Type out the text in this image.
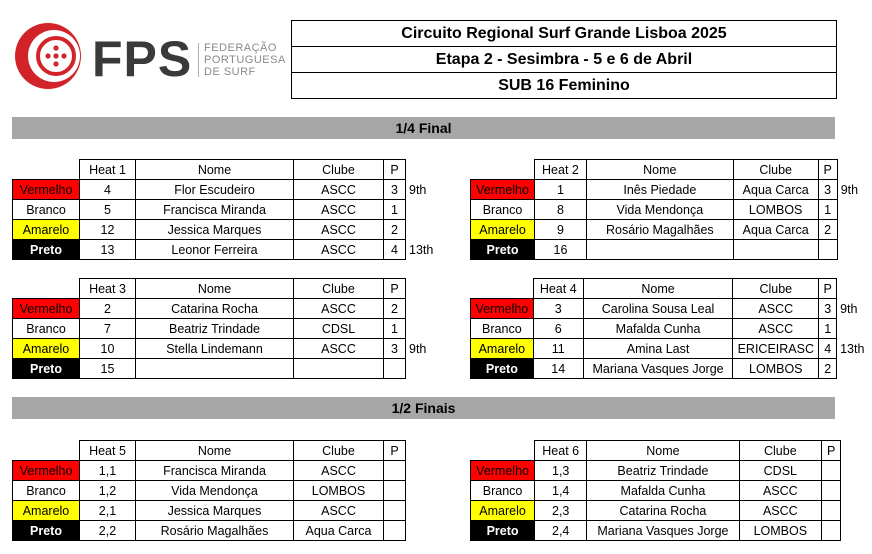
FPS FEDERAÇÃO
PORTUGUESA
DE SURF
Circuito Regional Surf Grande Lisboa 2025
Etapa 2 - Sesimbra - 5 e 6 de Abril
SUB 16 Feminino
1/4 Final
1/2 Finais
	Heat 1	Nome	Clube	P	
Vermelho	4	Flor Escudeiro	ASCC	3	9th
Branco	5	Francisca Miranda	ASCC	1	
Amarelo	12	Jessica Marques	ASCC	2	
Preto	13	Leonor Ferreira	ASCC	4	13th
	Heat 2	Nome	Clube	P	
Vermelho	1	Inês Piedade	Aqua Carca	3	9th
Branco	8	Vida Mendonça	LOMBOS	1	
Amarelo	9	Rosário Magalhães	Aqua Carca	2	
Preto	16				
	Heat 3	Nome	Clube	P	
Vermelho	2	Catarina Rocha	ASCC	2	
Branco	7	Beatriz Trindade	CDSL	1	
Amarelo	10	Stella Lindemann	ASCC	3	9th
Preto	15				
	Heat 4	Nome	Clube	P	
Vermelho	3	Carolina Sousa Leal	ASCC	3	9th
Branco	6	Mafalda Cunha	ASCC	1	
Amarelo	11	Amina Last	ERICEIRASC	4	13th
Preto	14	Mariana Vasques Jorge	LOMBOS	2	
	Heat 5	Nome	Clube	P	
Vermelho	1,1	Francisca Miranda	ASCC		
Branco	1,2	Vida Mendonça	LOMBOS		
Amarelo	2,1	Jessica Marques	ASCC		
Preto	2,2	Rosário Magalhães	Aqua Carca		
	Heat 6	Nome	Clube	P	
Vermelho	1,3	Beatriz Trindade	CDSL		
Branco	1,4	Mafalda Cunha	ASCC		
Amarelo	2,3	Catarina Rocha	ASCC		
Preto	2,4	Mariana Vasques Jorge	LOMBOS		
